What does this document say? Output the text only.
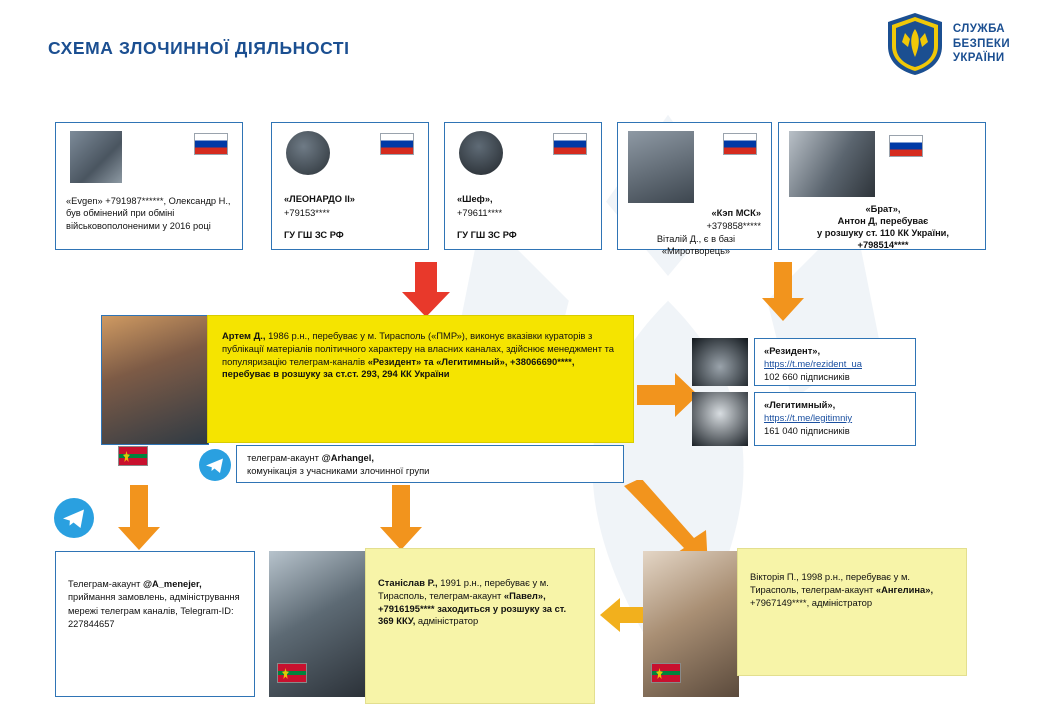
СХЕМА ЗЛОЧИННОЇ ДІЯЛЬНОСТІ
СЛУЖБА
БЕЗПЕКИ
УКРАЇНИ
«Evgen» +791987******, Олександр Н., був обмінений при обміні військовополоненими у 2016 році
«ЛЕОНАРДО ІІ»
+79153****
ГУ ГШ ЗС РФ
«Шеф»,
+79611****
ГУ ГШ ЗС РФ
«Кэп МСК»
+379858*****
Віталій Д., є в базі «Миротворець»
«Брат»,
Антон Д, перебуває
у розшуку ст. 110 КК України,
+798514****
Артем Д., 1986 р.н., перебуває у м. Тирасполь («ПМР»), виконує вказівки кураторів з публікації матеріалів політичного характеру на власних каналах, здійснює менеджмент та популяризацію телеграм-каналів «Резидент» та «Легитимный», +38066690****, перебуває в розшуку за ст.ст. 293, 294 КК України
телеграм-акаунт @Arhangel,
комунікація з учасниками злочинної групи
«Резидент»,
https://t.me/rezident_ua
102 660 підписників
«Легитимный»,
https://t.me/legitimniy
161 040 підписників
Телеграм-акаунт @A_menejer, приймання замовлень, адміністрування мережі телеграм каналів, Telegram-ID: 227844657
Станіслав Р., 1991 р.н., перебуває у м. Тирасполь, телеграм-акаунт «Павел», +7916195**** заходиться у розшуку за ст. 369 ККУ, адміністратор
Вікторія П., 1998 р.н., перебуває у м. Тирасполь, телеграм-акаунт «Ангелина», +7967149****, адміністратор
